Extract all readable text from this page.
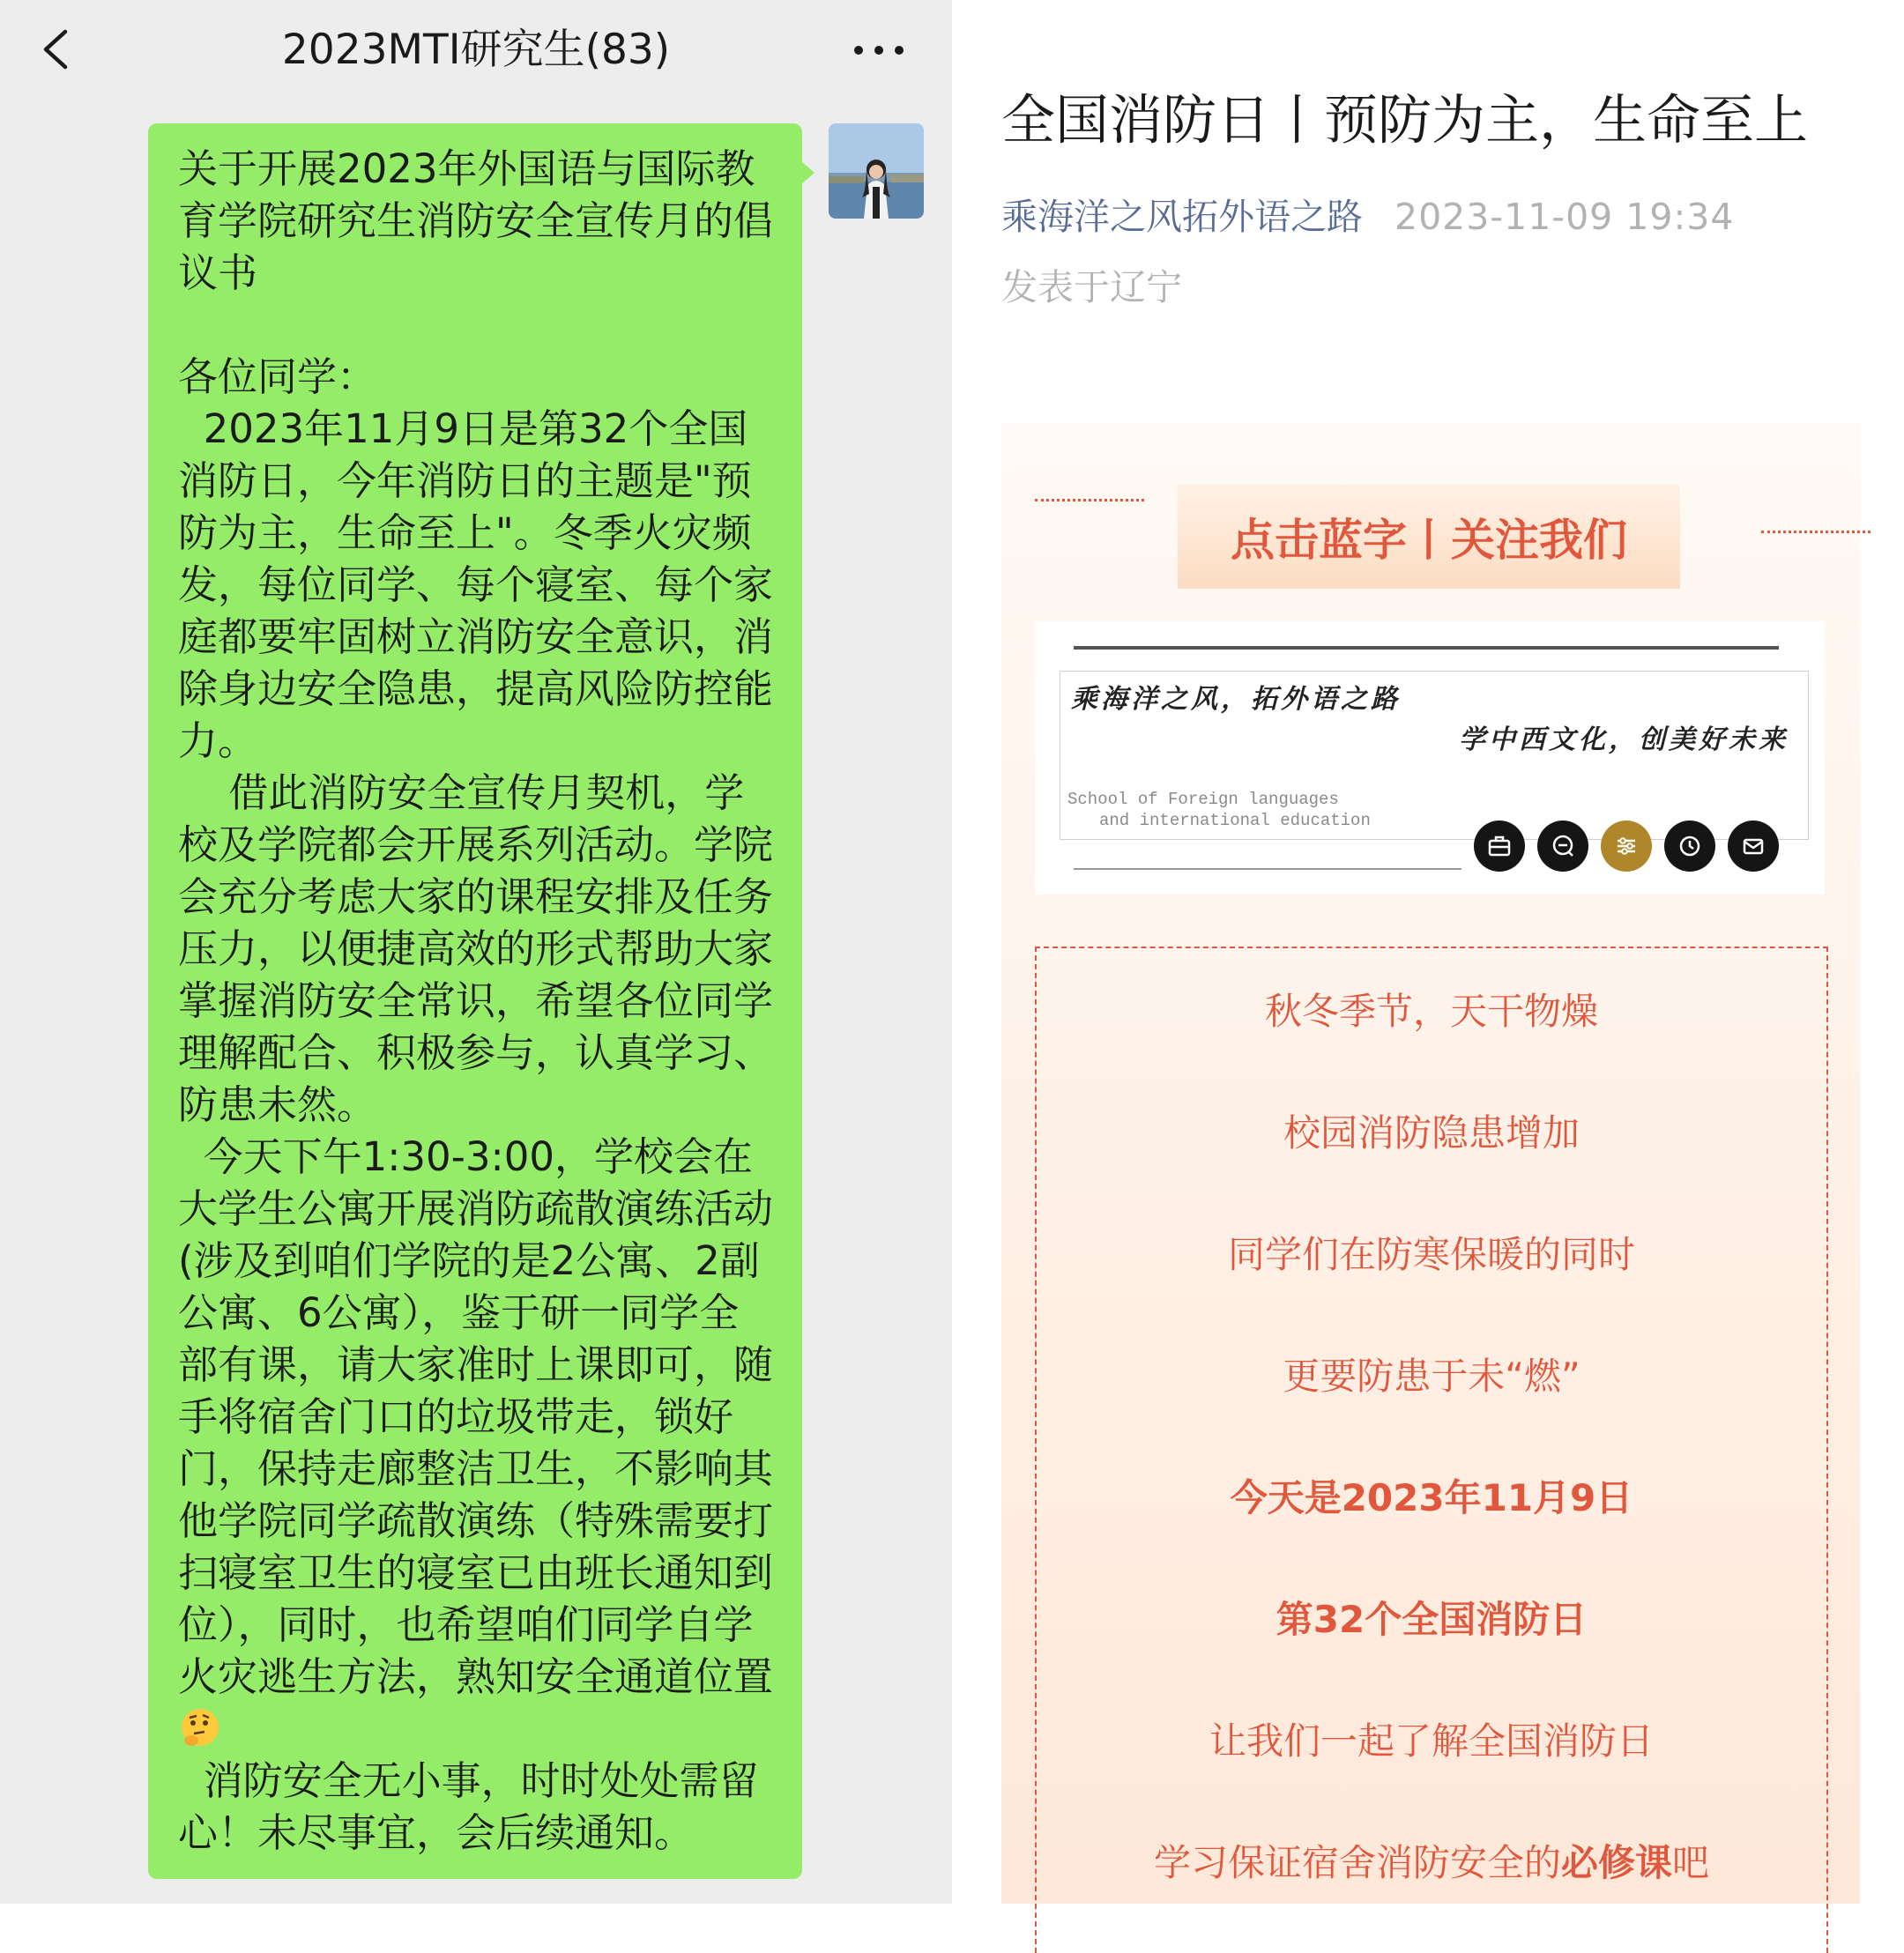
2023MTI研究生(83)

关于开展2023年外国语与国际教育学院研究生消防安全宣传月的倡议书

各位同学：
2023年11月9日是第32个全国消防日，今年消防日的主题是"预防为主，生命至上"。冬季火灾频发，每位同学、每个寝室、每个家庭都要牢固树立消防安全意识，消除身边安全隐患，提高风险防控能力。
借此消防安全宣传月契机，学校及学院都会开展系列活动。学院会充分考虑大家的课程安排及任务压力，以便捷高效的形式帮助大家掌握消防安全常识，希望各位同学理解配合、积极参与，认真学习、防患未然。
今天下午1:30-3:00，学校会在大学生公寓开展消防疏散演练活动(涉及到咱们学院的是2公寓、2副公寓、6公寓），鉴于研一同学全部有课，请大家准时上课即可，随手将宿舍门口的垃圾带走，锁好门，保持走廊整洁卫生，不影响其他学院同学疏散演练（特殊需要打扫寝室卫生的寝室已由班长通知到位），同时，也希望咱们同学自学火灾逃生方法，熟知安全通道位置
消防安全无小事，时时处处需留心！未尽事宜，会后续通知。

全国消防日丨预防为主，生命至上
乘海洋之风拓外语之路 2023-11-09 19:34
发表于辽宁
点击蓝字丨关注我们
乘海洋之风，拓外语之路
学中西文化，创美好未来
School of Foreign languages
and international education
秋冬季节，天干物燥
校园消防隐患增加
同学们在防寒保暖的同时
更要防患于未“燃”
今天是2023年11月9日
第32个全国消防日
让我们一起了解全国消防日
学习保证宿舍消防安全的必修课吧
